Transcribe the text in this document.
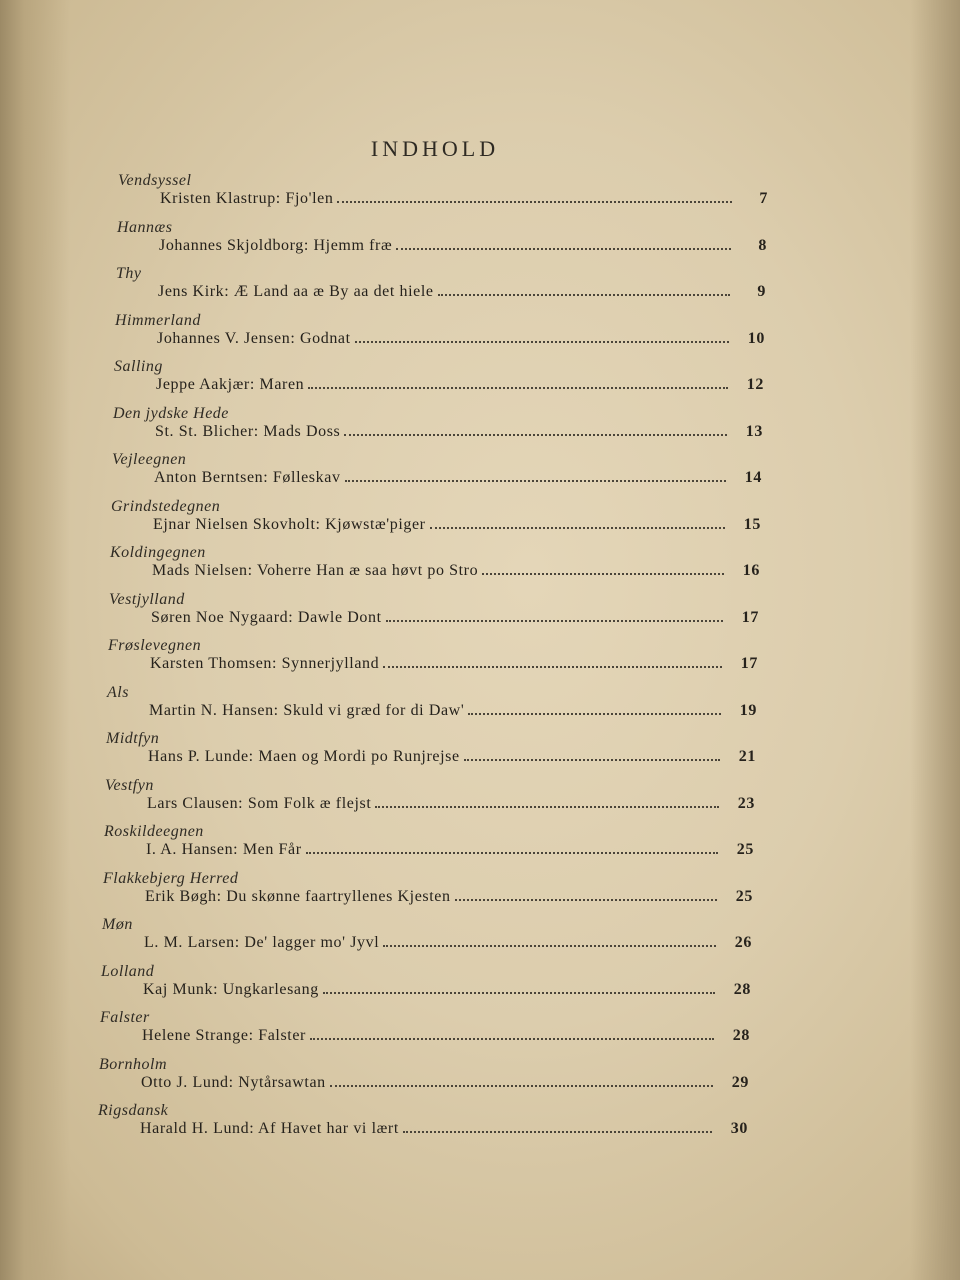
INDHOLD
Vendsyssel
Kristen Klastrup: Fjo'len	7
Hannæs
Johannes Skjoldborg: Hjemm fræ	8
Thy
Jens Kirk: Æ Land aa æ By aa det hiele	9
Himmerland
Johannes V. Jensen: Godnat	10
Salling
Jeppe Aakjær: Maren	12
Den jydske Hede
St. St. Blicher: Mads Doss	13
Vejleegnen
Anton Berntsen: Følleskav	14
Grindstedegnen
Ejnar Nielsen Skovholt: Kjøwstæ'piger	15
Koldingegnen
Mads Nielsen: Voherre Han æ saa høvt po Stro	16
Vestjylland
Søren Noe Nygaard: Dawle Dont	17
Frøslevegnen
Karsten Thomsen: Synnerjylland	17
Als
Martin N. Hansen: Skuld vi græd for di Daw'	19
Midtfyn
Hans P. Lunde: Maen og Mordi po Runjrejse	21
Vestfyn
Lars Clausen: Som Folk æ flejst	23
Roskildeegnen
I. A. Hansen: Men Får	25
Flakkebjerg Herred
Erik Bøgh: Du skønne faartryllenes Kjesten	25
Møn
L. M. Larsen: De' lagger mo' Jyvl	26
Lolland
Kaj Munk: Ungkarlesang	28
Falster
Helene Strange: Falster	28
Bornholm
Otto J. Lund: Nytårsawtan	29
Rigsdansk
Harald H. Lund: Af Havet har vi lært	30
